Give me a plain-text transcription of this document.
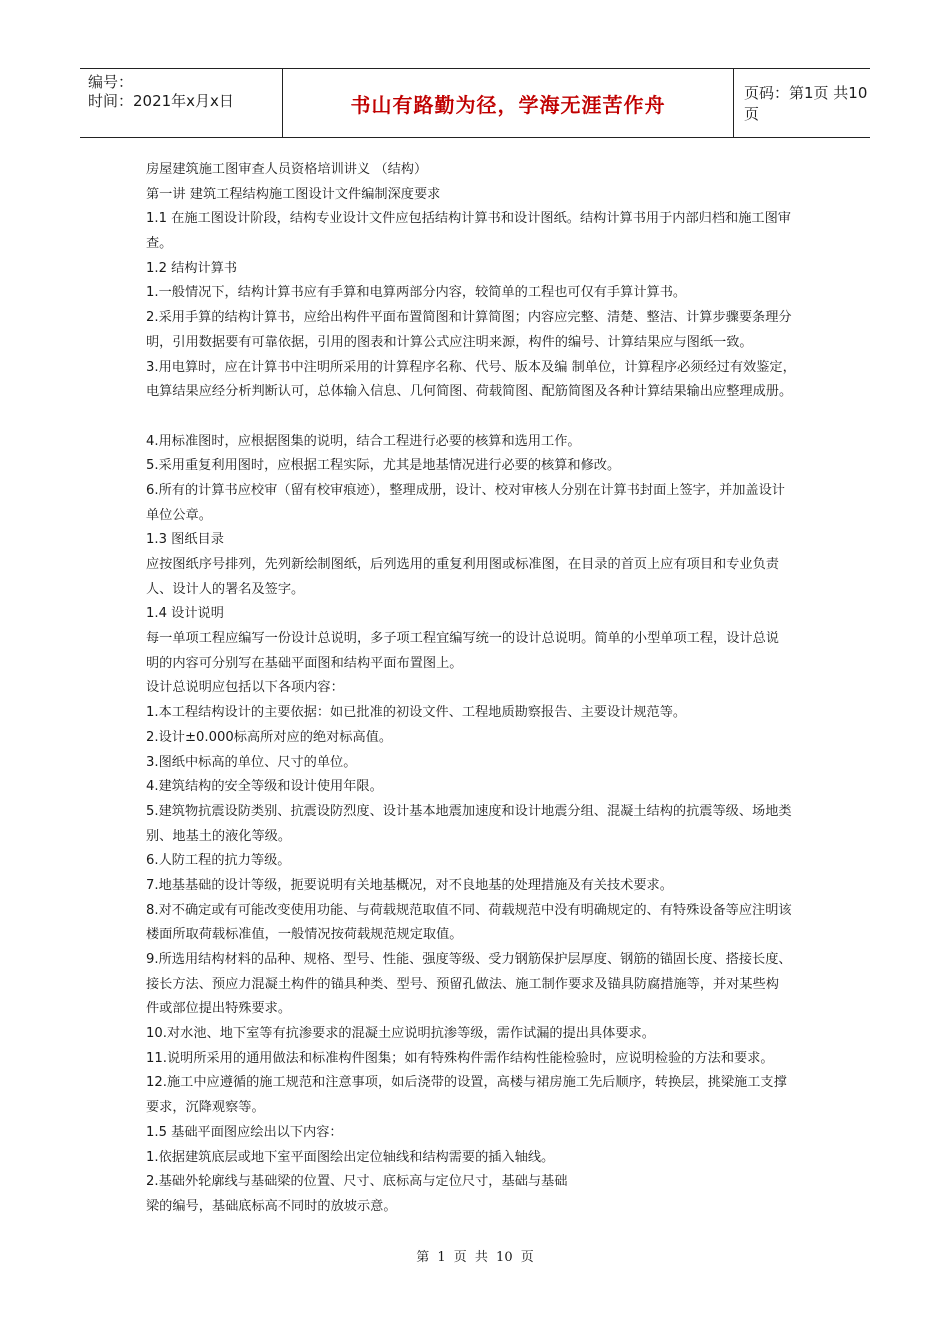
编号：
时间：2021年x月x日	书山有路勤为径，学海无涯苦作舟	页码：第1页 共10页
房屋建筑施工图审查人员资格培训讲义 （结构）
第一讲 建筑工程结构施工图设计文件编制深度要求
1.1 在施工图设计阶段，结构专业设计文件应包括结构计算书和设计图纸。结构计算书用于内部归档和施工图审
查。
1.2 结构计算书
1.一般情况下，结构计算书应有手算和电算两部分内容，较简单的工程也可仅有手算计算书。
2.采用手算的结构计算书，应给出构件平面布置简图和计算简图；内容应完整、清楚、整洁、计算步骤要条理分
明，引用数据要有可靠依据，引用的图表和计算公式应注明来源，构件的编号、计算结果应与图纸一致。
3.用电算时，应在计算书中注明所采用的计算程序名称、代号、版本及编 制单位，计算程序必须经过有效鉴定，
电算结果应经分析判断认可，总体输入信息、几何简图、荷载简图、配筋简图及各种计算结果输出应整理成册。
4.用标准图时，应根据图集的说明，结合工程进行必要的核算和选用工作。
5.采用重复利用图时，应根据工程实际，尤其是地基情况进行必要的核算和修改。
6.所有的计算书应校审（留有校审痕迹），整理成册，设计、校对审核人分别在计算书封面上签字，并加盖设计
单位公章。
1.3 图纸目录
应按图纸序号排列，先列新绘制图纸，后列选用的重复利用图或标准图，在目录的首页上应有项目和专业负责
人、设计人的署名及签字。
1.4 设计说明
每一单项工程应编写一份设计总说明，多子项工程宜编写统一的设计总说明。简单的小型单项工程，设计总说
明的内容可分别写在基础平面图和结构平面布置图上。
设计总说明应包括以下各项内容：
1.本工程结构设计的主要依据：如已批准的初设文件、工程地质勘察报告、主要设计规范等。
2.设计±0.000标高所对应的绝对标高值。
3.图纸中标高的单位、尺寸的单位。
4.建筑结构的安全等级和设计使用年限。
5.建筑物抗震设防类别、抗震设防烈度、设计基本地震加速度和设计地震分组、混凝土结构的抗震等级、场地类
别、地基土的液化等级。
6.人防工程的抗力等级。
7.地基基础的设计等级，扼要说明有关地基概况，对不良地基的处理措施及有关技术要求。
8.对不确定或有可能改变使用功能、与荷载规范取值不同、荷载规范中没有明确规定的、有特殊设备等应注明该
楼面所取荷载标准值，一般情况按荷载规范规定取值。
9.所选用结构材料的品种、规格、型号、性能、强度等级、受力钢筋保护层厚度、钢筋的锚固长度、搭接长度、
接长方法、预应力混凝土构件的锚具种类、型号、预留孔做法、施工制作要求及锚具防腐措施等，并对某些构
件或部位提出特殊要求。
10.对水池、地下室等有抗渗要求的混凝土应说明抗渗等级，需作试漏的提出具体要求。
11.说明所采用的通用做法和标准构件图集；如有特殊构件需作结构性能检验时，应说明检验的方法和要求。
12.施工中应遵循的施工规范和注意事项，如后浇带的设置，高楼与裙房施工先后顺序，转换层，挑梁施工支撑
要求，沉降观察等。
1.5 基础平面图应绘出以下内容：
1.依据建筑底层或地下室平面图绘出定位轴线和结构需要的插入轴线。
2.基础外轮廓线与基础梁的位置、尺寸、底标高与定位尺寸，基础与基础
梁的编号，基础底标高不同时的放坡示意。
第 1 页 共 10 页
